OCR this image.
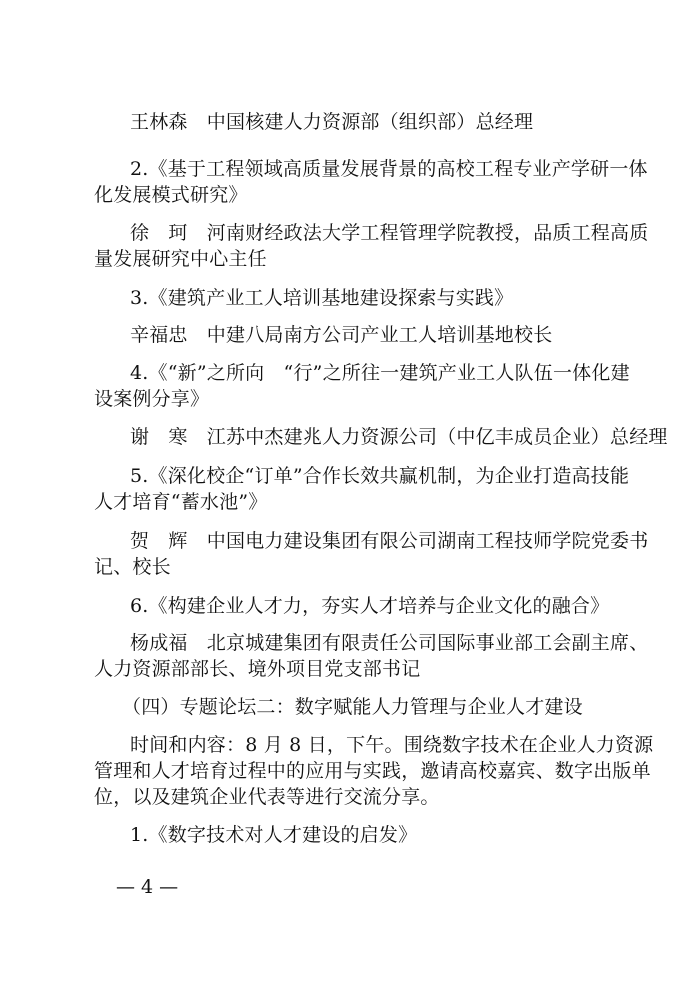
王林森　中国核建人力资源部（组织部）总经理
2.《基于工程领域高质量发展背景的高校工程专业产学研一体
化发展模式研究》
徐　珂　河南财经政法大学工程管理学院教授，品质工程高质
量发展研究中心主任
3.《建筑产业工人培训基地建设探索与实践》
辛福忠　中建八局南方公司产业工人培训基地校长
4.《“新”之所向　“行”之所往一建筑产业工人队伍一体化建
设案例分享》
谢　寒　江苏中杰建兆人力资源公司（中亿丰成员企业）总经理
5.《深化校企“订单”合作长效共赢机制，为企业打造高技能
人才培育“蓄水池”》
贺　辉　中国电力建设集团有限公司湖南工程技师学院党委书
记、校长
6.《构建企业人才力，夯实人才培养与企业文化的融合》
杨成福　北京城建集团有限责任公司国际事业部工会副主席、
人力资源部部长、境外项目党支部书记
（四）专题论坛二：数字赋能人力管理与企业人才建设
时间和内容：8 月 8 日，下午。围绕数字技术在企业人力资源
管理和人才培育过程中的应用与实践，邀请高校嘉宾、数字出版单
位，以及建筑企业代表等进行交流分享。
1.《数字技术对人才建设的启发》
— 4 —
